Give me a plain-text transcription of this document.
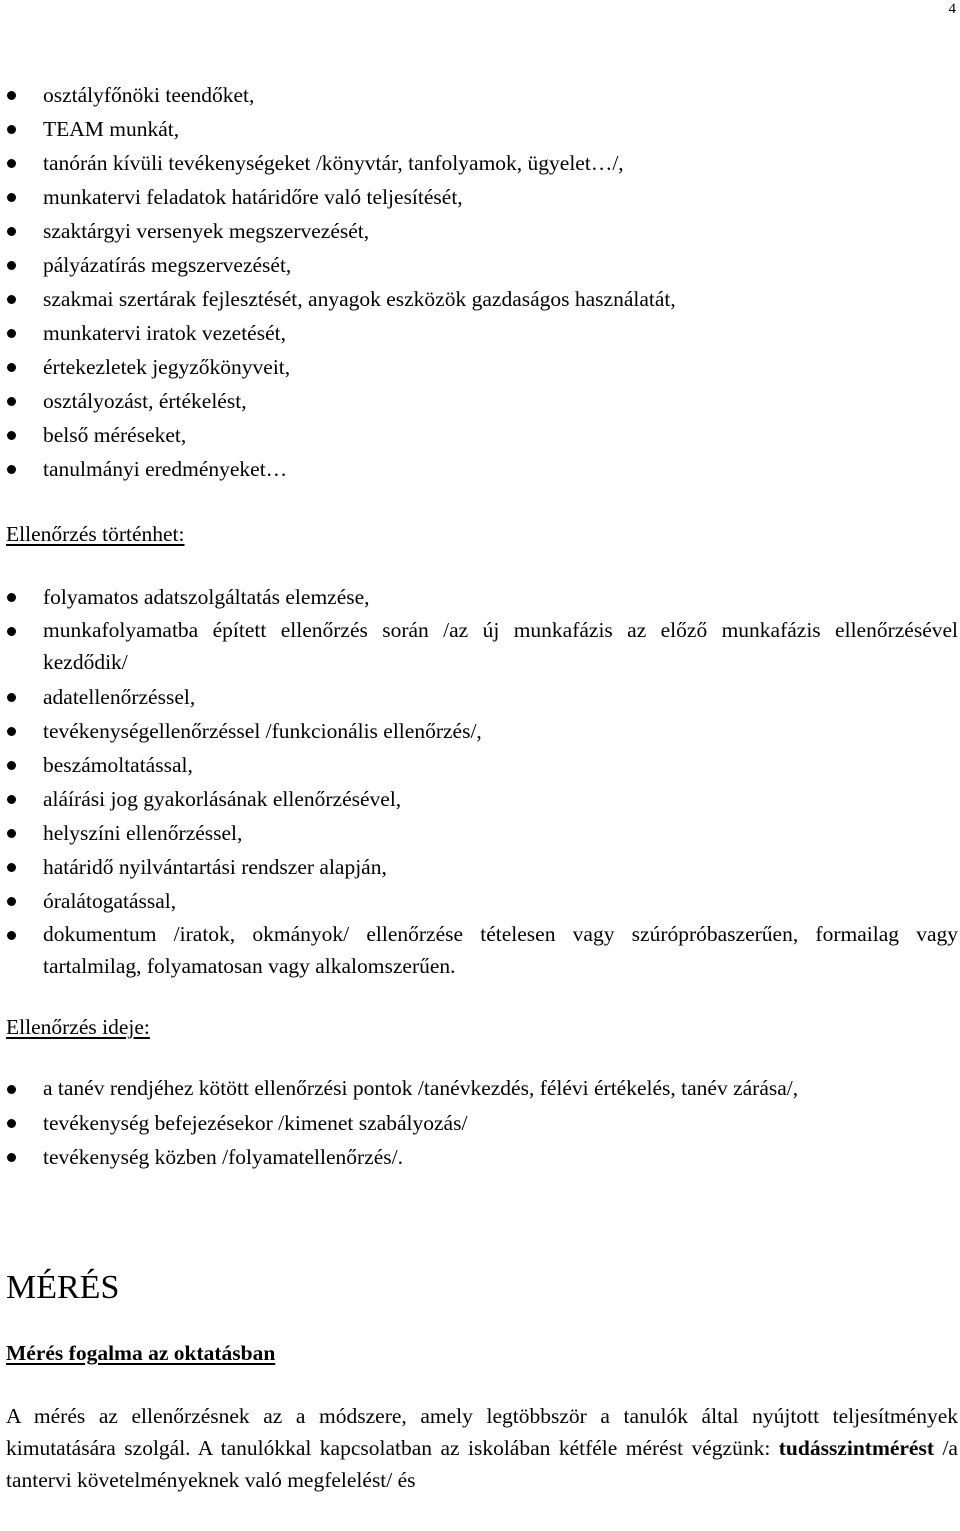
4
osztályfőnöki teendőket,
TEAM munkát,
tanórán kívüli tevékenységeket /könyvtár, tanfolyamok, ügyelet…/,
munkatervi feladatok határidőre való teljesítését,
szaktárgyi versenyek megszervezését,
pályázatírás megszervezését,
szakmai szertárak fejlesztését, anyagok eszközök gazdaságos használatát,
munkatervi iratok vezetését,
értekezletek jegyzőkönyveit,
osztályozást, értékelést,
belső méréseket,
tanulmányi eredményeket…
Ellenőrzés történhet:
folyamatos adatszolgáltatás elemzése,
munkafolyamatba épített ellenőrzés során /az új munkafázis az előző munkafázis ellenőrzésével kezdődik/
adatellenőrzéssel,
tevékenységellenőrzéssel /funkcionális ellenőrzés/,
beszámoltatással,
aláírási jog gyakorlásának ellenőrzésével,
helyszíni ellenőrzéssel,
határidő nyilvántartási rendszer alapján,
óralátogatással,
dokumentum /iratok, okmányok/ ellenőrzése tételesen vagy szúrópróbaszerűen, formailag vagy tartalmilag, folyamatosan vagy alkalomszerűen.
Ellenőrzés ideje:
a tanév rendjéhez kötött ellenőrzési pontok /tanévkezdés, félévi értékelés, tanév zárása/,
tevékenység befejezésekor /kimenet szabályozás/
tevékenység közben /folyamatellenőrzés/.
MÉRÉS
Mérés fogalma az oktatásban

A mérés az ellenőrzésnek az a módszere, amely legtöbbször a tanulók által nyújtott teljesítmények kimutatására szolgál. A tanulókkal kapcsolatban az iskolában kétféle mérést végzünk: tudásszintmérést /a tantervi követelményeknek való megfelelést/ és
